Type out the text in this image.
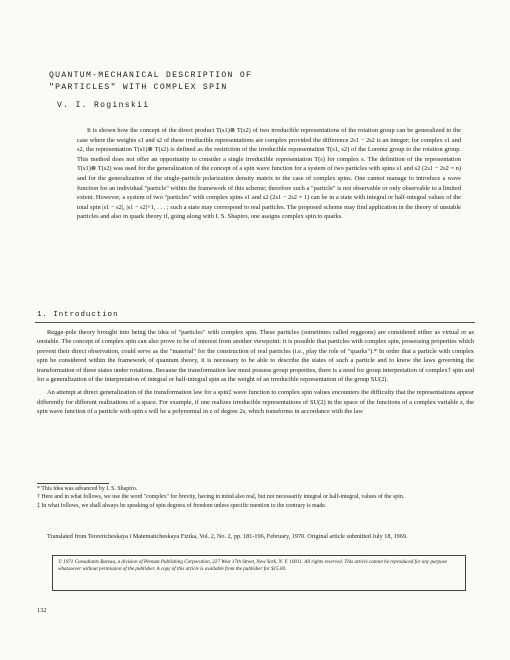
QUANTUM-MECHANICAL DESCRIPTION OF
"PARTICLES" WITH COMPLEX SPIN
V. I. Roginskii

It is shown how the concept of the direct product T(s1)⊗ T(s2) of two irreducible representations of the rotation group can be generalized to the case where the weights s1 and s2 of these irreducible representations are complex provided the difference 2s1 − 2s2 is an integer; for complex s1 and s2, the representation T(s1)⊗ T(s2) is defined as the restriction of the irreducible representation T(s1, s2) of the Lorentz group to the rotation group. This method does not offer an opportunity to consider a single irreducible representation T(s) for complex s. The definition of the representation T(s1)⊗ T(s2) was used for the generalization of the concept of a spin wave function for a system of two particles with spins s1 and s2 (2s1 − 2s2 = n) and for the generalization of the single-particle polarization density matrix to the case of complex spins. One cannot manage to introduce a wave function for an individual "particle" within the framework of this scheme; therefore such a "particle" is not observable or only observable to a limited extent. However, a system of two "particles" with complex spins s1 and s2 (2s1 − 2s2 = 1) can be in a state with integral or half-integral values of the total spin |s1 − s2|, |s1 − s2|+1, . . . ; such a state may correspond to real particles. The proposed scheme may find application in the theory of unstable particles and also in quark theory if, going along with I. S. Shapiro, one assigns complex spin to quarks.

1. Introduction

Regge-pole theory brought into being the idea of "particles" with complex spin. These particles (sometimes called reggeons) are considered either as virtual or as unstable. The concept of complex spin can also prove to be of interest from another viewpoint: it is possible that particles with complex spin, possessing properties which prevent their direct observation, could serve as the "material" for the construction of real particles (i.e., play the role of "quarks").* In order that a particle with complex spin be considered within the framework of quantum theory, it is necessary to be able to describe the states of such a particle and to know the laws governing the transformation of these states under rotations. Because the transformation law must possess group properties, there is a need for group interpretation of complex† spin and for a generalization of the interpretation of integral or half-integral spin as the weight of an irreducible representation of the group SU(2).

An attempt at direct generalization of the transformation law for a spin‡ wave function to complex spin values encounters the difficulty that the representations appear differently for different realizations of a space. For example, if one realizes irreducible representations of SU(2) in the space of the functions of a complex variable z, the spin wave function of a particle with spin s will be a polynomial in z of degree 2s, which transforms in accordance with the law

* This idea was advanced by I. S. Shapiro.
† Here and in what follows, we use the word "complex" for brevity, having in mind also real, but not necessarily integral or half-integral, values of the spin.
‡ In what follows, we shall always be speaking of spin degrees of freedom unless specific mention to the contrary is made.
Translated from Teoreticheskaya i Matematicheskaya Fizika, Vol. 2, No. 2, pp. 181-196, February, 1970. Original article submitted July 18, 1969.
© 1971 Consultants Bureau, a division of Plenum Publishing Corporation, 227 West 17th Street, New York, N. Y. 10011. All rights reserved. This article cannot be reproduced for any purpose whatsoever without permission of the publisher. A copy of this article is available from the publisher for $15.00.
132
